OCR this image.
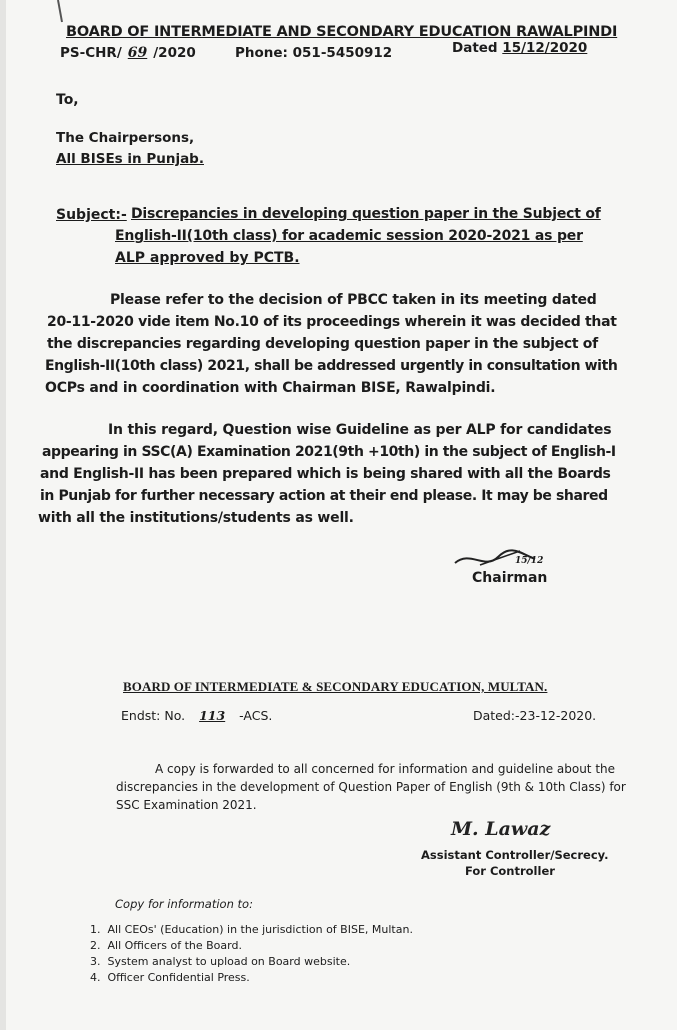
BOARD OF INTERMEDIATE AND SECONDARY EDUCATION RAWALPINDI
PS-CHR/ 69 /2020	Phone: 051-5450912	Dated 15/12/2020
To,
The Chairpersons,
All BISEs in Punjab.
Subject:- Discrepancies in developing question paper in the Subject of
English-II(10th class) for academic session 2020-2021 as per
ALP approved by PCTB.
Please refer to the decision of PBCC taken in its meeting dated
20-11-2020 vide item No.10 of its proceedings wherein it was decided that
the discrepancies regarding developing question paper in the subject of
English-II(10th class) 2021, shall be addressed urgently in consultation with
OCPs and in coordination with Chairman BISE, Rawalpindi.
In this regard, Question wise Guideline as per ALP for candidates
appearing in SSC(A) Examination 2021(9th +10th) in the subject of English-I
and English-II has been prepared which is being shared with all the Boards
in Punjab for further necessary action at their end please. It may be shared
with all the institutions/students as well.
15/12
Chairman
BOARD OF INTERMEDIATE & SECONDARY EDUCATION, MULTAN.
Endst: No. 113 -ACS.	Dated:-23-12-2020.
A copy is forwarded to all concerned for information and guideline about the
discrepancies in the development of Question Paper of English (9th & 10th Class) for
SSC Examination 2021.
M. Lawaz
Assistant Controller/Secrecy.
For Controller
Copy for information to:
1.  All CEOs' (Education) in the jurisdiction of BISE, Multan.
2.  All Officers of the Board.
3.  System analyst to upload on Board website.
4.  Officer Confidential Press.
